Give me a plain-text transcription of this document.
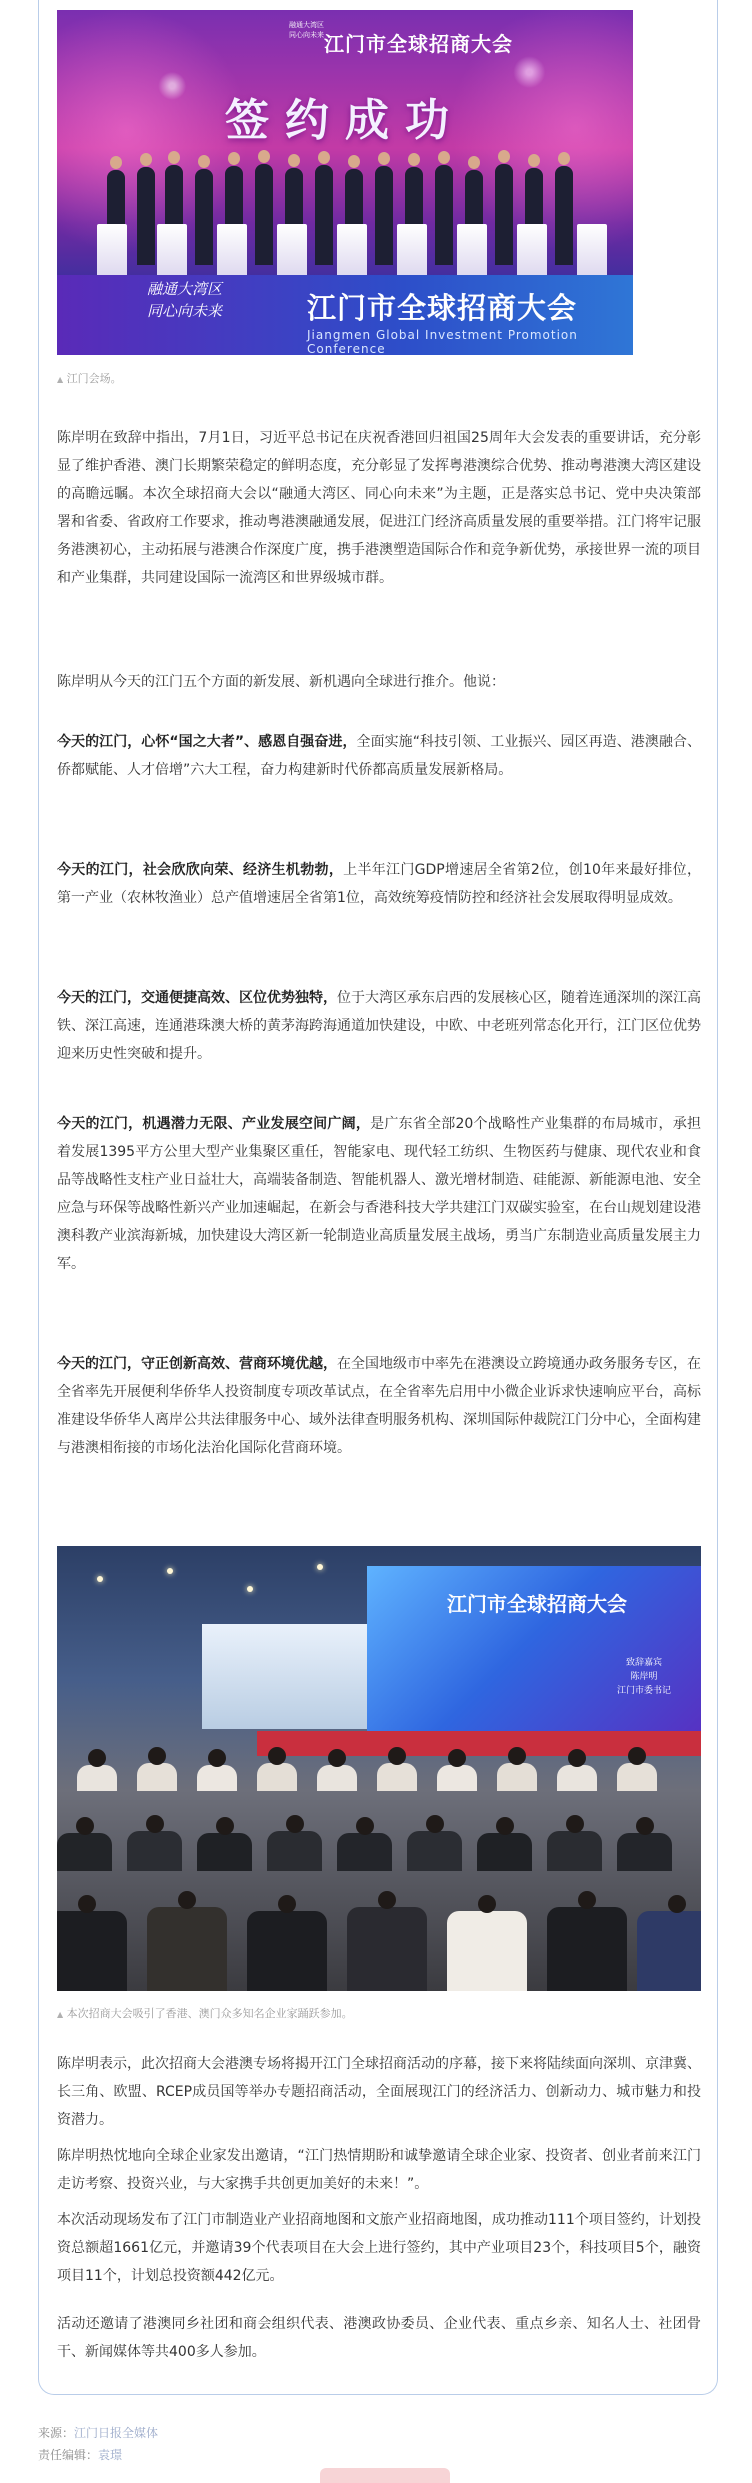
融通大湾区
同心向未来 江门市全球招商大会
签约成功
融通大湾区
同心向未来	江门市全球招商大会
Jiangmen Global Investment Promotion Conference
▲ 江门会场。

陈岸明在致辞中指出，7月1日，习近平总书记在庆祝香港回归祖国25周年大会发表的重要讲话，充分彰显了维护香港、澳门长期繁荣稳定的鲜明态度，充分彰显了发挥粤港澳综合优势、推动粤港澳大湾区建设的高瞻远瞩。本次全球招商大会以“融通大湾区、同心向未来”为主题，正是落实总书记、党中央决策部署和省委、省政府工作要求，推动粤港澳融通发展，促进江门经济高质量发展的重要举措。江门将牢记服务港澳初心，主动拓展与港澳合作深度广度，携手港澳塑造国际合作和竞争新优势，承接世界一流的项目和产业集群，共同建设国际一流湾区和世界级城市群。

陈岸明从今天的江门五个方面的新发展、新机遇向全球进行推介。他说：

今天的江门，心怀“国之大者”、感恩自强奋进，全面实施“科技引领、工业振兴、园区再造、港澳融合、侨都赋能、人才倍增”六大工程，奋力构建新时代侨都高质量发展新格局。

今天的江门，社会欣欣向荣、经济生机勃勃，上半年江门GDP增速居全省第2位，创10年来最好排位，第一产业（农林牧渔业）总产值增速居全省第1位，高效统筹疫情防控和经济社会发展取得明显成效。

今天的江门，交通便捷高效、区位优势独特，位于大湾区承东启西的发展核心区，随着连通深圳的深江高铁、深江高速，连通港珠澳大桥的黄茅海跨海通道加快建设，中欧、中老班列常态化开行，江门区位优势迎来历史性突破和提升。

今天的江门，机遇潜力无限、产业发展空间广阔，是广东省全部20个战略性产业集群的布局城市，承担着发展1395平方公里大型产业集聚区重任，智能家电、现代轻工纺织、生物医药与健康、现代农业和食品等战略性支柱产业日益壮大，高端装备制造、智能机器人、激光增材制造、硅能源、新能源电池、安全应急与环保等战略性新兴产业加速崛起，在新会与香港科技大学共建江门双碳实验室，在台山规划建设港澳科教产业滨海新城，加快建设大湾区新一轮制造业高质量发展主战场，勇当广东制造业高质量发展主力军。

今天的江门，守正创新高效、营商环境优越，在全国地级市中率先在港澳设立跨境通办政务服务专区，在全省率先开展便利华侨华人投资制度专项改革试点，在全省率先启用中小微企业诉求快速响应平台，高标准建设华侨华人离岸公共法律服务中心、域外法律查明服务机构、深圳国际仲裁院江门分中心，全面构建与港澳相衔接的市场化法治化国际化营商环境。

江门市全球招商大会
致辞嘉宾
陈岸明
江门市委书记
▲ 本次招商大会吸引了香港、澳门众多知名企业家踊跃参加。

陈岸明表示，此次招商大会港澳专场将揭开江门全球招商活动的序幕，接下来将陆续面向深圳、京津冀、长三角、欧盟、RCEP成员国等举办专题招商活动，全面展现江门的经济活力、创新动力、城市魅力和投资潜力。

陈岸明热忱地向全球企业家发出邀请，“江门热情期盼和诚挚邀请全球企业家、投资者、创业者前来江门走访考察、投资兴业，与大家携手共创更加美好的未来！”。

本次活动现场发布了江门市制造业产业招商地图和文旅产业招商地图，成功推动111个项目签约，计划投资总额超1661亿元，并邀请39个代表项目在大会上进行签约，其中产业项目23个，科技项目5个，融资项目11个，计划总投资额442亿元。

活动还邀请了港澳同乡社团和商会组织代表、港澳政协委员、企业代表、重点乡亲、知名人士、社团骨干、新闻媒体等共400多人参加。

来源：江门日报全媒体
责任编辑：袁璟
